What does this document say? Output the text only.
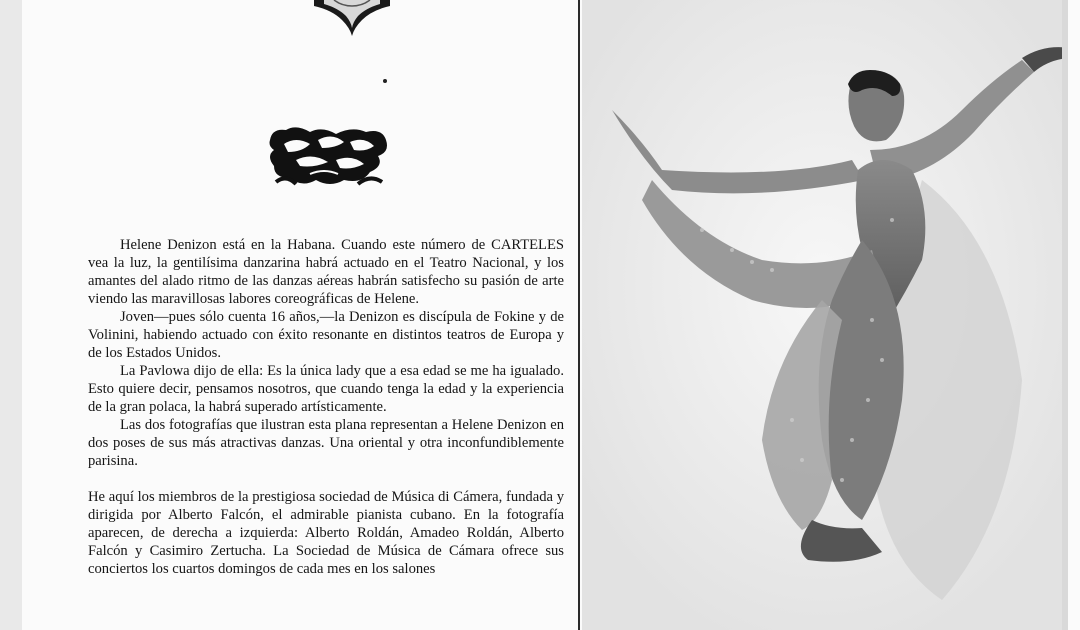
Helene Denizon está en la Habana. Cuando este número de CARTELES vea la luz, la gentilísima danzarina habrá actuado en el Teatro Nacional, y los amantes del alado ritmo de las danzas aéreas habrán satisfecho su pasión de arte viendo las maravillosas labores coreográficas de Helene.

Joven—pues sólo cuenta 16 años,—la Denizon es discípula de Fokine y de Volinini, habiendo actuado con éxito resonante en distintos teatros de Europa y de los Estados Unidos.

La Pavlowa dijo de ella: Es la única lady que a esa edad se me ha igualado. Esto quiere decir, pensamos nosotros, que cuando tenga la edad y la experiencia de la gran polaca, la habrá superado artísticamente.

Las dos fotografías que ilustran esta plana representan a Helene Denizon en dos poses de sus más atractivas danzas. Una oriental y otra inconfundiblemente parisina.

He aquí los miembros de la prestigiosa sociedad de Música di Cámera, fundada y dirigida por Alberto Falcón, el admirable pianista cubano. En la fotografía aparecen, de derecha a izquierda: Alberto Roldán, Amadeo Roldán, Alberto Falcón y Casimiro Zertucha. La Sociedad de Música de Cámara ofrece sus conciertos los cuartos domingos de cada mes en los salones
